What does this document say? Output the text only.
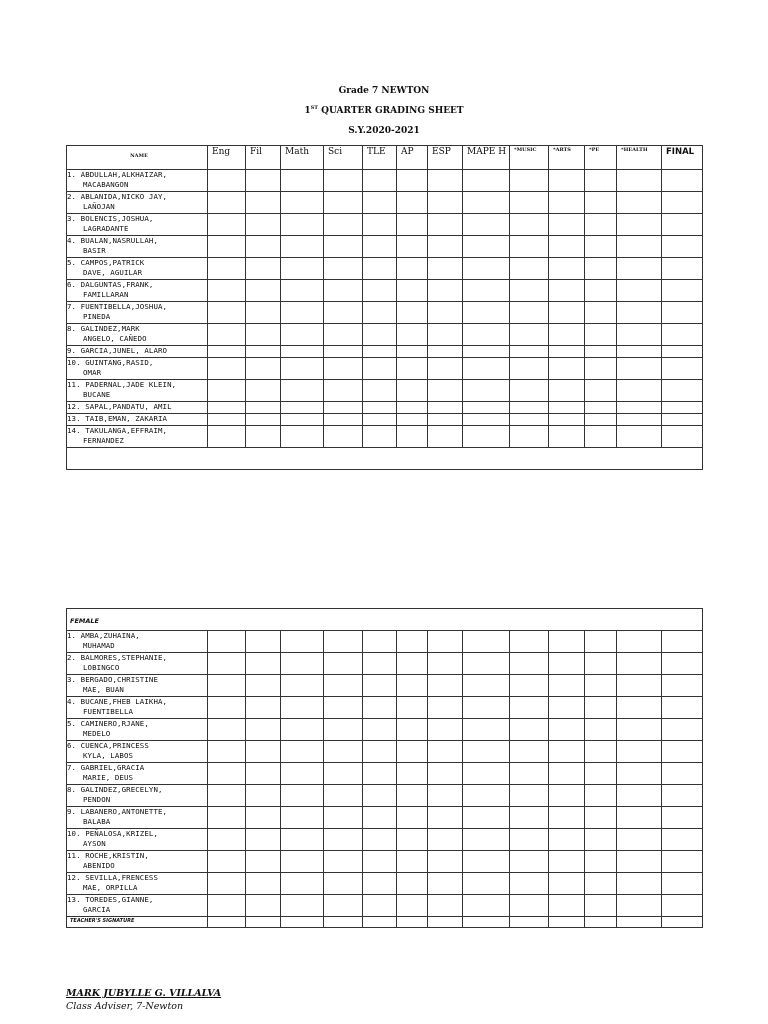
Grade 7 NEWTON
1ST QUARTER GRADING SHEET
S.Y.2020-2021
NAME	Eng	Fil	Math	Sci	TLE	AP	ESP	MAPE H	*MUSIC	*ARTS	*PE	*HEALTH	FINAL

1. ABDULLAH,ALKHAIZAR,
MACABANGON													

2. ABLANIDA,NICKO JAY,
LAÑOJAN													

3. BOLENCIS,JOSHUA,
LAGRADANTE													

4. BUALAN,NASRULLAH,
BASIR													

5. CAMPOS,PATRICK
DAVE, AGUILAR													

6. DALGUNTAS,FRANK,
FAMILLARAN													

7. FUENTIBELLA,JOSHUA,
PINEDA													

8. GALINDEZ,MARK
ANGELO, CAÑEDO													

9. GARCIA,JUNEL, ALARO													

10. GUINTANG,RASID,
OMAR													

11. PADERNAL,JADE KLEIN,
BUCANE													

12. SAPAL,PANDATU, AMIL													

13. TAIB,EMAN, ZAKARIA													

14. TAKULANGA,EFFRAIM,
FERNANDEZ													

FEMALE													

1. AMBA,ZUHAINA,
MUHAMAD													

2. BALMORES,STEPHANIE,
LOBINGCO													

3. BERGADO,CHRISTINE
MAE, BUAN													

4. BUCANE,FHEB LAIKHA,
FUENTIBELLA													

5. CAMINERO,RJANE,
MEDELO													

6. CUENCA,PRINCESS
KYLA, LABOS													

7. GABRIEL,GRACIA
MARIE, DEUS													

8. GALINDEZ,GRECELYN,
PENDON													

9. LABANERO,ANTONETTE,
BALABA													

10. PEÑALOSA,KRIZEL,
AYSON													

11. ROCHE,KRISTIN,
ABENIDO													

12. SEVILLA,FRENCESS
MAE, ORPILLA													

13. TOREDES,GIANNE,
GARCIA													

TEACHER'S SIGNATURE													
MARK JUBYLLE G. VILLALVA
Class Adviser, 7-Newton
